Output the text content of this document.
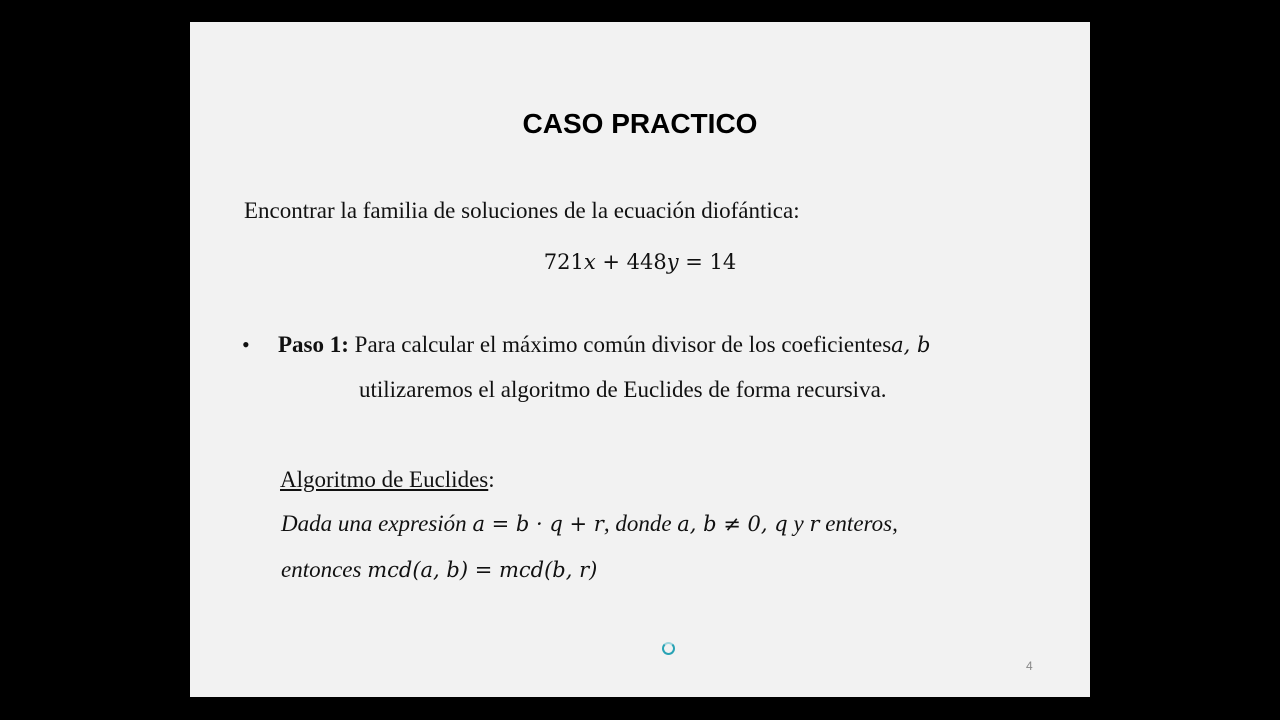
CASO PRACTICO
Encontrar la familia de soluciones de la ecuación diofántica:
721𝑥 + 448𝑦 = 14
• Paso 1: Para calcular el máximo común divisor de los coeficientes𝑎, 𝑏
utilizaremos el algoritmo de Euclides de forma recursiva.
Algoritmo de Euclides:
Dada una expresión 𝑎 = 𝑏 · 𝑞 + 𝑟, donde 𝑎, 𝑏 ≠ 0, 𝑞 y 𝑟 enteros,
entonces 𝑚𝑐𝑑(𝑎, 𝑏) = 𝑚𝑐𝑑(𝑏, 𝑟)
4
